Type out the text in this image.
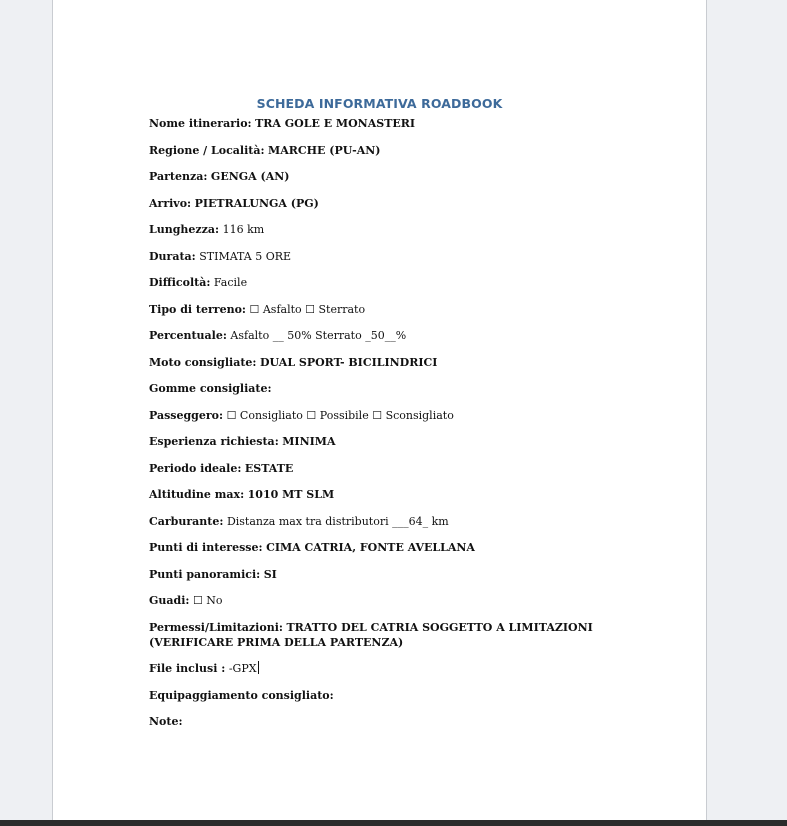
SCHEDA INFORMATIVA ROADBOOK

Nome itinerario: TRA GOLE E MONASTERI

Regione / Località: MARCHE (PU-AN)

Partenza: GENGA (AN)

Arrivo: PIETRALUNGA (PG)

Lunghezza: 116 km

Durata: STIMATA 5 ORE

Difficoltà: Facile

Tipo di terreno: ☐ Asfalto ☐ Sterrato

Percentuale: Asfalto __ 50% Sterrato _50__%

Moto consigliate: DUAL SPORT- BICILINDRICI

Gomme consigliate:

Passeggero: ☐ Consigliato ☐ Possibile ☐ Sconsigliato

Esperienza richiesta: MINIMA

Periodo ideale: ESTATE

Altitudine max: 1010 MT SLM

Carburante: Distanza max tra distributori ___64_ km

Punti di interesse: CIMA CATRIA, FONTE AVELLANA

Punti panoramici: SI

Guadi: ☐ No

Permessi/Limitazioni: TRATTO DEL CATRIA SOGGETTO A LIMITAZIONI (VERIFICARE PRIMA DELLA PARTENZA)

File inclusi : -GPX

Equipaggiamento consigliato:

Note:
